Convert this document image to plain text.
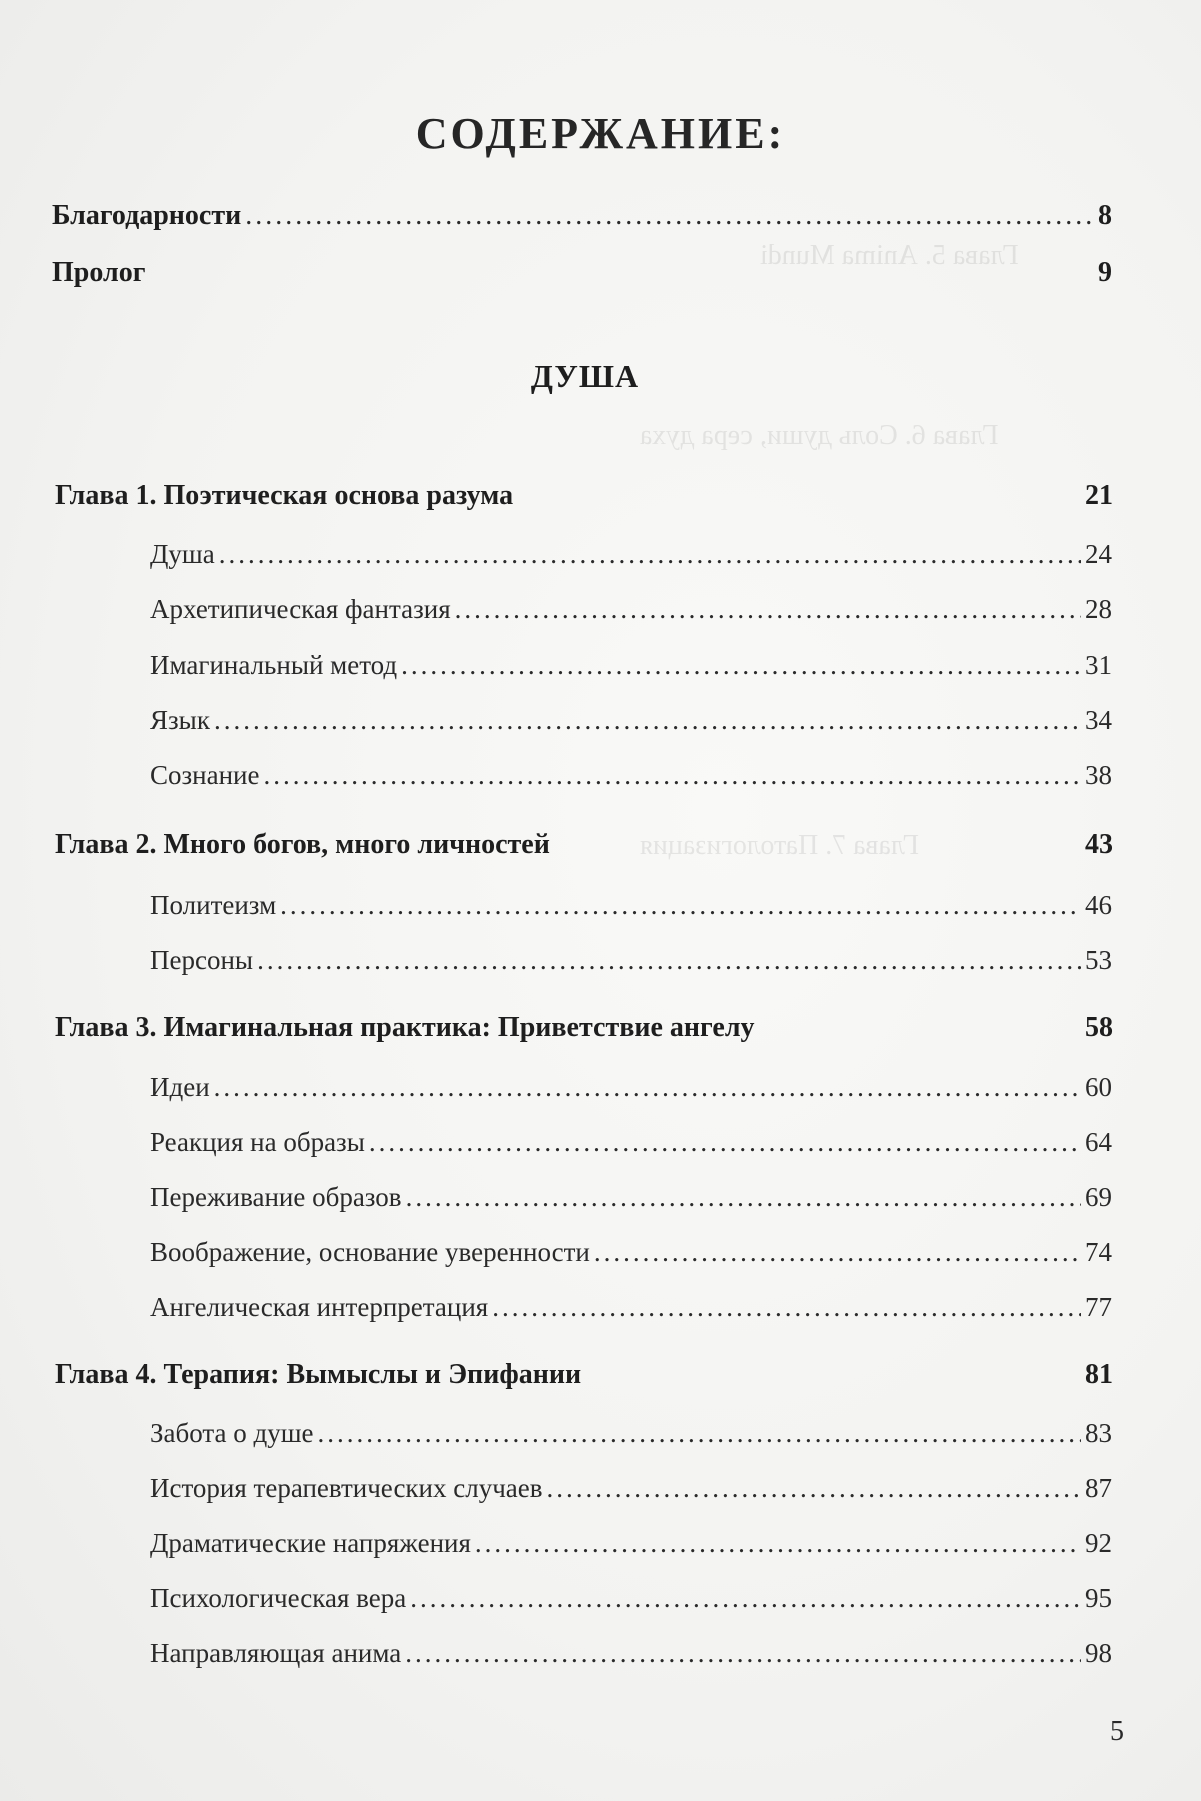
Глава 5. Anima Mundi
Глава 6. Соль души, сера духа
Глава 7. Патологизация
СОДЕРЖАНИЕ:
Благодарности .....	8
Пролог	9
ДУША
Глава 1. Поэтическая основа разума	21
Душа .....	24
Архетипическая фантазия .....	28
Имагинальный метод .....	31
Язык .....	34
Сознание .....	38
Глава 2. Много богов, много личностей	43
Политеизм .....	46
Персоны .....	53
Глава 3. Имагинальная практика: Приветствие ангелу	58
Идеи .....	60
Реакция на образы .....	64
Переживание образов .....	69
Воображение, основание уверенности .....	74
Ангелическая интерпретация .....	77
Глава 4. Терапия: Вымыслы и Эпифании	81
Забота о душе .....	83
История терапевтических случаев .....	87
Драматические напряжения .....	92
Психологическая вера .....	95
Направляющая анима .....	98
5
